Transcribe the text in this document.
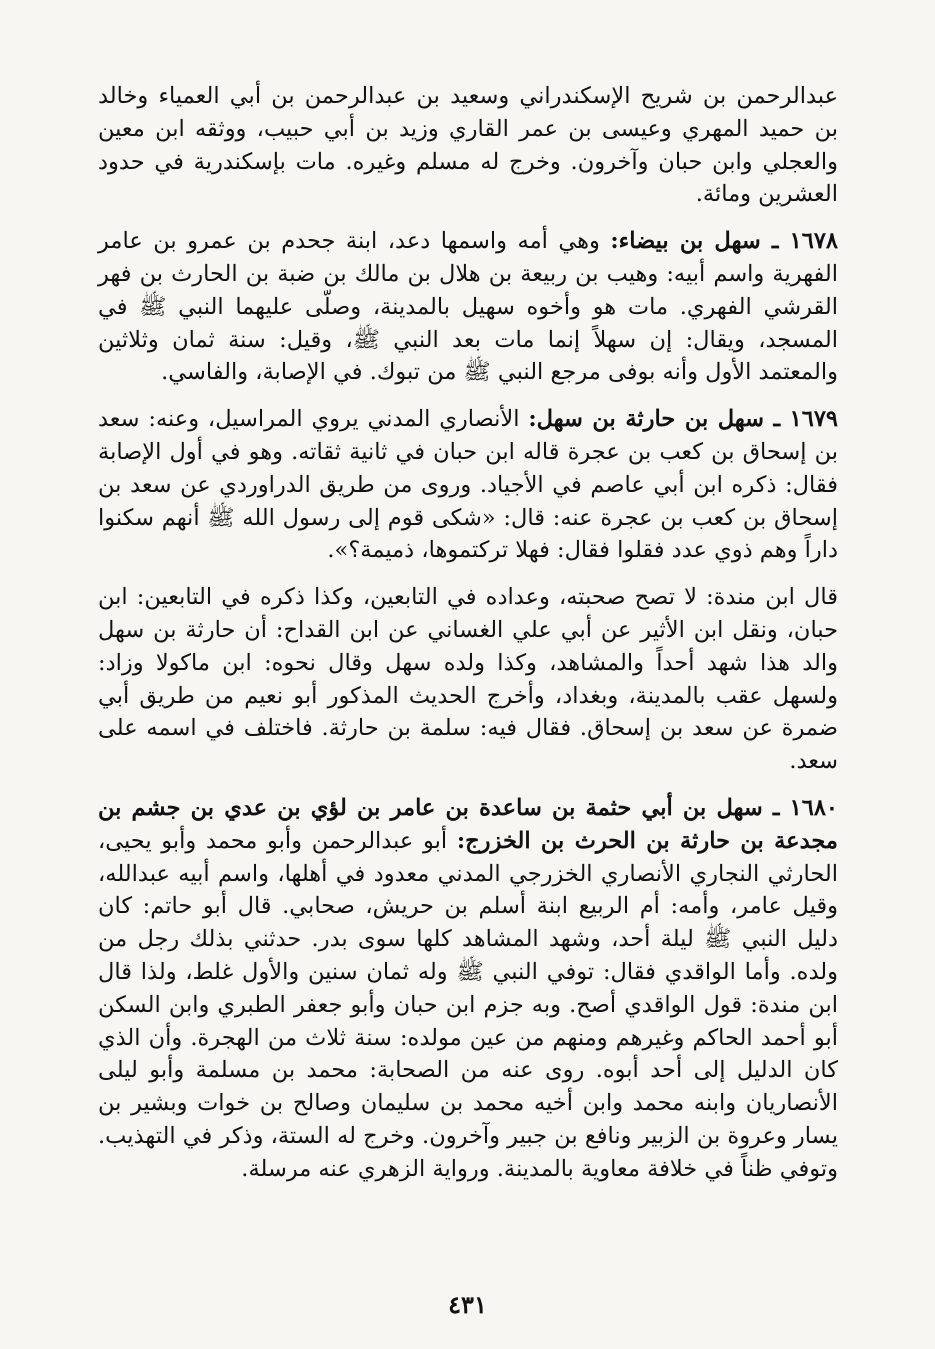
عبدالرحمن بن شريح الإسكندراني وسعيد بن عبدالرحمن بن أبي العمياء وخالد بن حميد المهري وعيسى بن عمر القاري وزيد بن أبي حبيب، ووثقه ابن معين والعجلي وابن حبان وآخرون. وخرج له مسلم وغيره. مات بإسكندرية في حدود العشرين ومائة.

١٦٧٨ ـ سهل بن بيضاء: وهي أمه واسمها دعد، ابنة جحدم بن عمرو بن عامر الفهرية واسم أبيه: وهيب بن ربيعة بن هلال بن مالك بن ضبة بن الحارث بن فهر القرشي الفهري. مات هو وأخوه سهيل بالمدينة، وصلّى عليهما النبي ﷺ في المسجد، ويقال: إن سهلاً إنما مات بعد النبي ﷺ، وقيل: سنة ثمان وثلاثين والمعتمد الأول وأنه بوفى مرجع النبي ﷺ من تبوك. في الإصابة، والفاسي.

١٦٧٩ ـ سهل بن حارثة بن سهل: الأنصاري المدني يروي المراسيل، وعنه: سعد بن إسحاق بن كعب بن عجرة قاله ابن حبان في ثانية ثقاته. وهو في أول الإصابة فقال: ذكره ابن أبي عاصم في الأجياد. وروى من طريق الدراوردي عن سعد بن إسحاق بن كعب بن عجرة عنه: قال: «شكى قوم إلى رسول الله ﷺ أنهم سكنوا داراً وهم ذوي عدد فقلوا فقال: فهلا تركتموها، ذميمة؟».

قال ابن مندة: لا تصح صحبته، وعداده في التابعين، وكذا ذكره في التابعين: ابن حبان، ونقل ابن الأثير عن أبي علي الغساني عن ابن القداح: أن حارثة بن سهل والد هذا شهد أحداً والمشاهد، وكذا ولده سهل وقال نحوه: ابن ماكولا وزاد: ولسهل عقب بالمدينة، وبغداد، وأخرج الحديث المذكور أبو نعيم من طريق أبي ضمرة عن سعد بن إسحاق. فقال فيه: سلمة بن حارثة. فاختلف في اسمه على سعد.

١٦٨٠ ـ سهل بن أبي حثمة بن ساعدة بن عامر بن لؤي بن عدي بن جشم بن مجدعة بن حارثة بن الحرث بن الخزرج: أبو عبدالرحمن وأبو محمد وأبو يحيى، الحارثي النجاري الأنصاري الخزرجي المدني معدود في أهلها، واسم أبيه عبدالله، وقيل عامر، وأمه: أم الربيع ابنة أسلم بن حريش، صحابي. قال أبو حاتم: كان دليل النبي ﷺ ليلة أحد، وشهد المشاهد كلها سوى بدر. حدثني بذلك رجل من ولده. وأما الواقدي فقال: توفي النبي ﷺ وله ثمان سنين والأول غلط، ولذا قال ابن مندة: قول الواقدي أصح. وبه جزم ابن حبان وأبو جعفر الطبري وابن السكن أبو أحمد الحاكم وغيرهم ومنهم من عين مولده: سنة ثلاث من الهجرة. وأن الذي كان الدليل إلى أحد أبوه. روى عنه من الصحابة: محمد بن مسلمة وأبو ليلى الأنصاريان وابنه محمد وابن أخيه محمد بن سليمان وصالح بن خوات وبشير بن يسار وعروة بن الزبير ونافع بن جبير وآخرون. وخرج له الستة، وذكر في التهذيب. وتوفي ظناً في خلافة معاوية بالمدينة. ورواية الزهري عنه مرسلة.

٤٣١
